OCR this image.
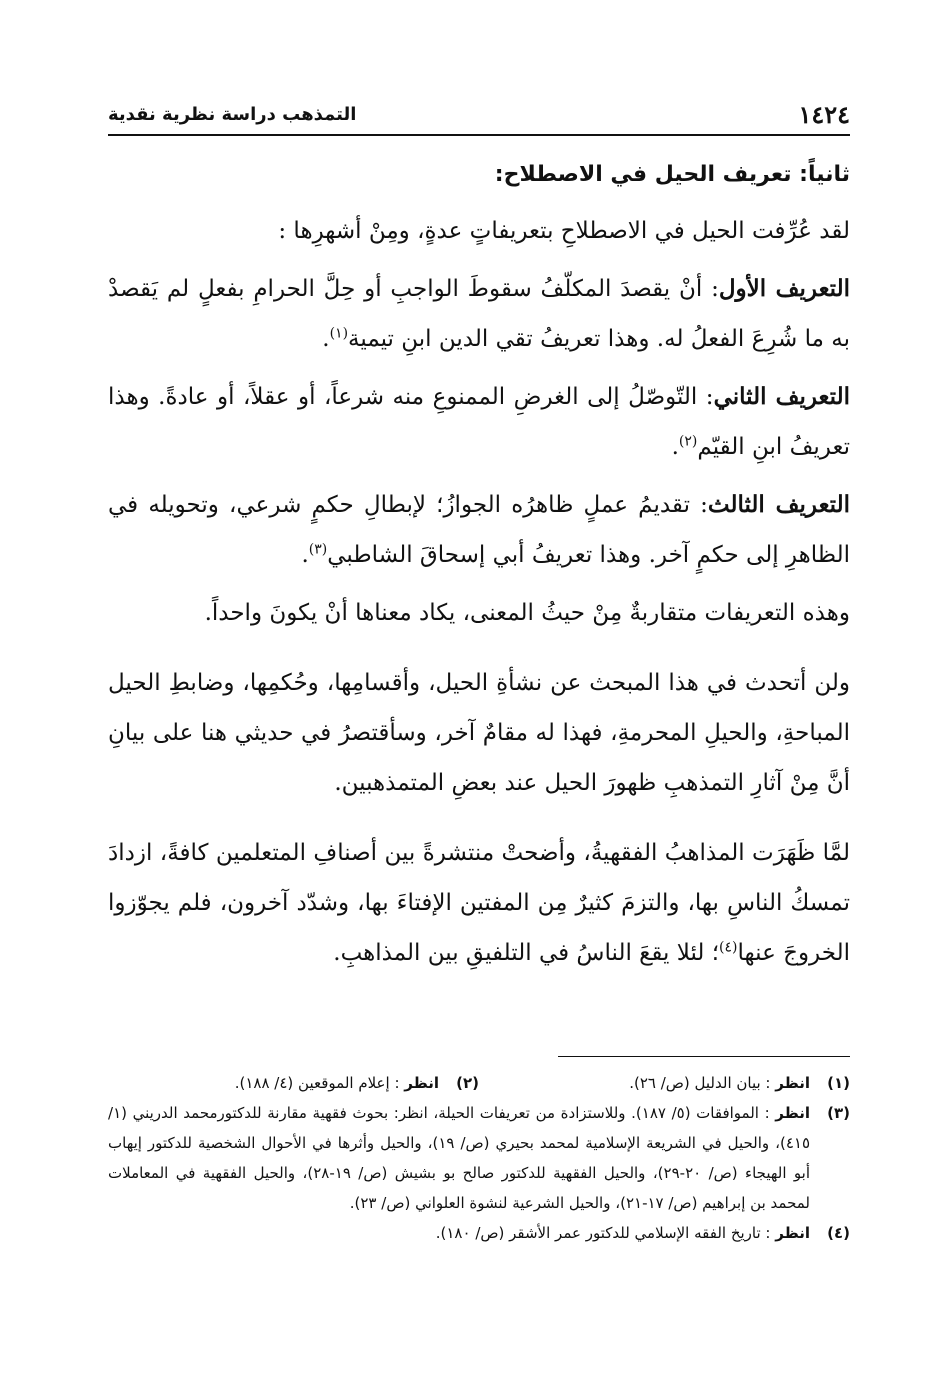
١٤٢٤
التمذهب دراسة نظرية نقدية
ثانياً: تعريف الحيل في الاصطلاح:

لقد عُرِّفت الحيل في الاصطلاحِ بتعريفاتٍ عدةٍ، ومِنْ أشهرِها :

التعريف الأول: أنْ يقصدَ المكلّفُ سقوطَ الواجبِ أو حِلَّ الحرامِ بفعلٍ لم يَقصدْ به ما شُرِعَ الفعلُ له. وهذا تعريفُ تقي الدين ابنِ تيمية$^{(١)}$.

التعريف الثاني: التّوصّلُ إلى الغرضِ الممنوعِ منه شرعاً، أو عقلاً، أو عادةً. وهذا تعريفُ ابنِ القيّم$^{(٢)}$.

التعريف الثالث: تقديمُ عملٍ ظاهرُه الجوازُ؛ لإبطالِ حكمٍ شرعي، وتحويله في الظاهرِ إلى حكمٍ آخر. وهذا تعريفُ أبي إسحاقَ الشاطبي$^{(٣)}$.

وهذه التعريفات متقاربةٌ مِنْ حيثُ المعنى، يكاد معناها أنْ يكونَ واحداً.

ولن أتحدث في هذا المبحث عن نشأةِ الحيل، وأقسامِها، وحُكمِها، وضابطِ الحيل المباحةِ، والحيلِ المحرمةِ، فهذا له مقامٌ آخر، وسأقتصرُ في حديثي هنا على بيانِ أنَّ مِنْ آثارِ التمذهبِ ظهورَ الحيل عند بعضِ المتمذهبين.

لمَّا ظَهَرَت المذاهبُ الفقهيةُ، وأضحتْ منتشرةً بين أصنافِ المتعلمين كافةً، ازدادَ تمسكُ الناسِ بها، والتزمَ كثيرٌ مِن المفتين الإفتاءَ بها، وشدّد آخرون، فلم يجوّزوا الخروجَ عنها$^{(٤)}$؛ لئلا يقعَ الناسُ في التلفيقِ بين المذاهبِ.

(١)
انظر : بيان الدليل (ص/ ٢٦).
(٢)
انظر : إعلام الموقعين (٤/ ١٨٨).
(٣)
انظر : الموافقات (٥/ ١٨٧). وللاستزادة من تعريفات الحيلة، انظر: بحوث فقهية مقارنة للدكتورمحمد الدريني (١/ ٤١٥)، والحيل في الشريعة الإسلامية لمحمد بحيري (ص/ ١٩)، والحيل وأثرها في الأحوال الشخصية للدكتور إيهاب أبو الهيجاء (ص/ ٢٠-٢٩)، والحيل الفقهية للدكتور صالح بو بشيش (ص/ ١٩-٢٨)، والحيل الفقهية في المعاملات لمحمد بن إبراهيم (ص/ ١٧-٢١)، والحيل الشرعية لنشوة العلواني (ص/ ٢٣).
(٤)
انظر : تاريخ الفقه الإسلامي للدكتور عمر الأشقر (ص/ ١٨٠).
